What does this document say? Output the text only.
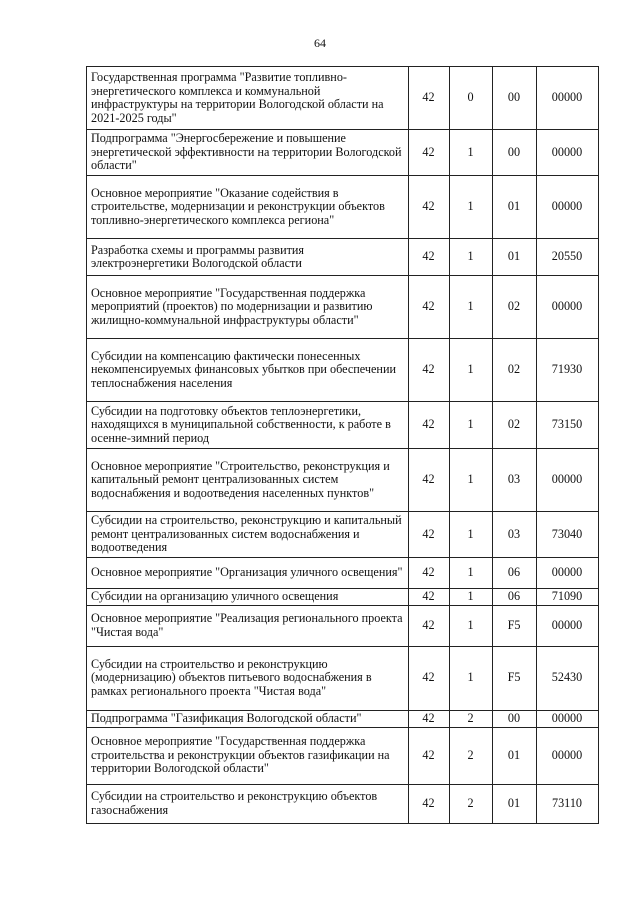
64
Государственная программа "Развитие топливно-энергетического комплекса и коммунальной инфраструктуры на территории Вологодской области на 2021-2025 годы"	42	0	00	00000
Подпрограмма "Энергосбережение и повышение энергетической эффективности на территории Вологодской области"	42	1	00	00000
Основное мероприятие "Оказание содействия в строительстве, модернизации и реконструкции объектов топливно-энергетического комплекса региона"	42	1	01	00000
Разработка схемы и программы развития электроэнергетики Вологодской области	42	1	01	20550
Основное мероприятие "Государственная поддержка мероприятий (проектов) по модернизации и развитию жилищно-коммунальной инфраструктуры области"	42	1	02	00000
Субсидии на компенсацию фактически понесенных некомпенсируемых финансовых убытков при обеспечении теплоснабжения населения	42	1	02	71930
Субсидии на подготовку объектов теплоэнергетики, находящихся в муниципальной собственности, к работе в осенне-зимний период	42	1	02	73150
Основное мероприятие "Строительство, реконструкция и капитальный ремонт централизованных систем водоснабжения и водоотведения населенных пунктов"	42	1	03	00000
Субсидии на строительство, реконструкцию и капитальный ремонт централизованных систем водоснабжения и водоотведения	42	1	03	73040
Основное мероприятие "Организация уличного освещения"	42	1	06	00000
Субсидии на организацию уличного освещения	42	1	06	71090
Основное мероприятие "Реализация регионального проекта "Чистая вода"	42	1	F5	00000
Субсидии на строительство и реконструкцию (модернизацию) объектов питьевого водоснабжения в рамках регионального проекта "Чистая вода"	42	1	F5	52430
Подпрограмма "Газификация Вологодской области"	42	2	00	00000
Основное мероприятие "Государственная поддержка строительства и реконструкции объектов газификации на территории Вологодской области"	42	2	01	00000
Субсидии на строительство и реконструкцию объектов газоснабжения	42	2	01	73110
